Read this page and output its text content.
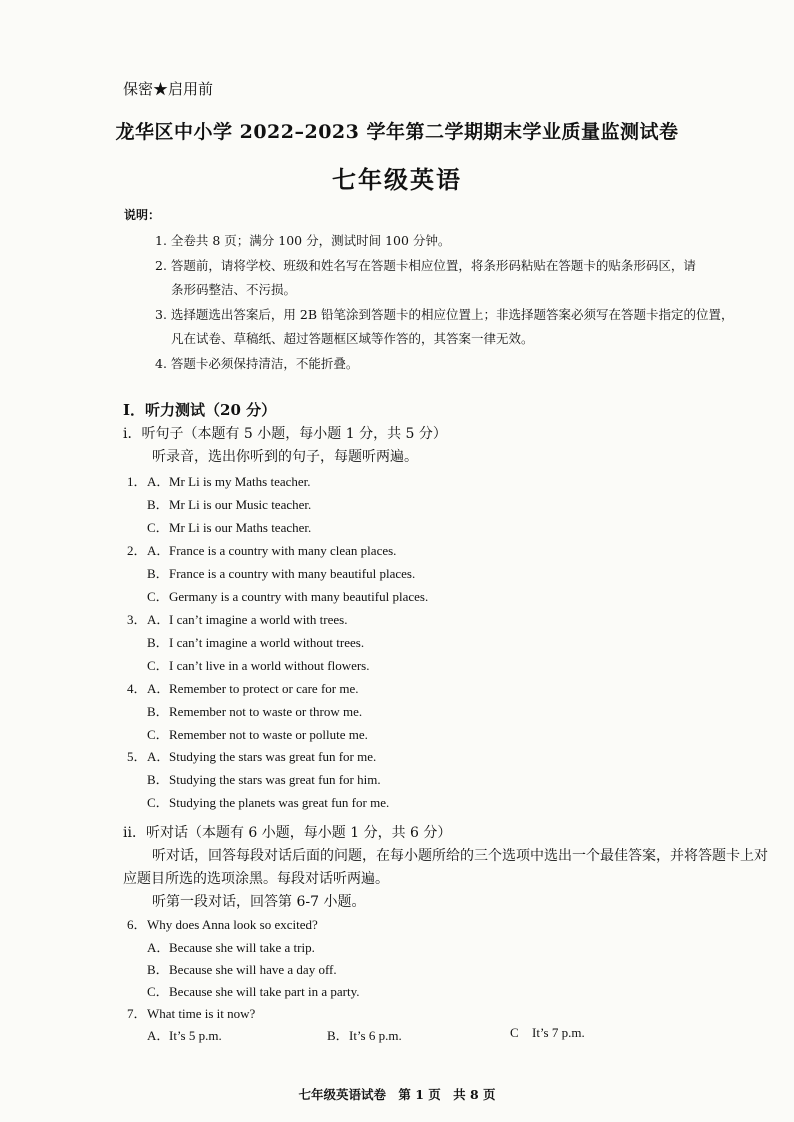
保密★启用前
龙华区中小学 2022–2023 学年第二学期期末学业质量监测试卷
七年级英语
说明：
1. 全卷共 8 页；满分 100 分，测试时间 100 分钟。
2. 答题前，请将学校、班级和姓名写在答题卡相应位置，将条形码粘贴在答题卡的贴条形码区，请
条形码整洁、不污损。
3. 选择题选出答案后，用 2B 铅笔涂到答题卡的相应位置上；非选择题答案必须写在答题卡指定的位置，
凡在试卷、草稿纸、超过答题框区域等作答的，其答案一律无效。
4. 答题卡必须保持清洁，不能折叠。
Ⅰ．听力测试（20 分）
i．听句子（本题有 5 小题，每小题 1 分，共 5 分）
听录音，选出你听到的句子，每题听两遍。
1． A．Mr Li is my Maths teacher.
B．Mr Li is our Music teacher.
C．Mr Li is our Maths teacher.
2． A．France is a country with many clean places.
B．France is a country with many beautiful places.
C．Germany is a country with many beautiful places.
3． A．I can’t imagine a world with trees.
B．I can’t imagine a world without trees.
C．I can’t live in a world without flowers.
4． A．Remember to protect or care for me.
B．Remember not to waste or throw me.
C．Remember not to waste or pollute me.
5． A．Studying the stars was great fun for me.
B．Studying the stars was great fun for him.
C．Studying the planets was great fun for me.
ii．听对话（本题有 6 小题，每小题 1 分，共 6 分）
听对话，回答每段对话后面的问题，在每小题所给的三个选项中选出一个最佳答案，并将答题卡上对
应题目所选的选项涂黑。每段对话听两遍。
听第一段对话，回答第 6-7 小题。
6．Why does Anna look so excited?
A．Because she will take a trip.
B．Because she will have a day off.
C．Because she will take part in a party.
7．What time is it now?
A．It’s 5 p.m.	B．It’s 6 p.m.	C It’s 7 p.m.
七年级英语试卷 第 1 页 共 8 页
